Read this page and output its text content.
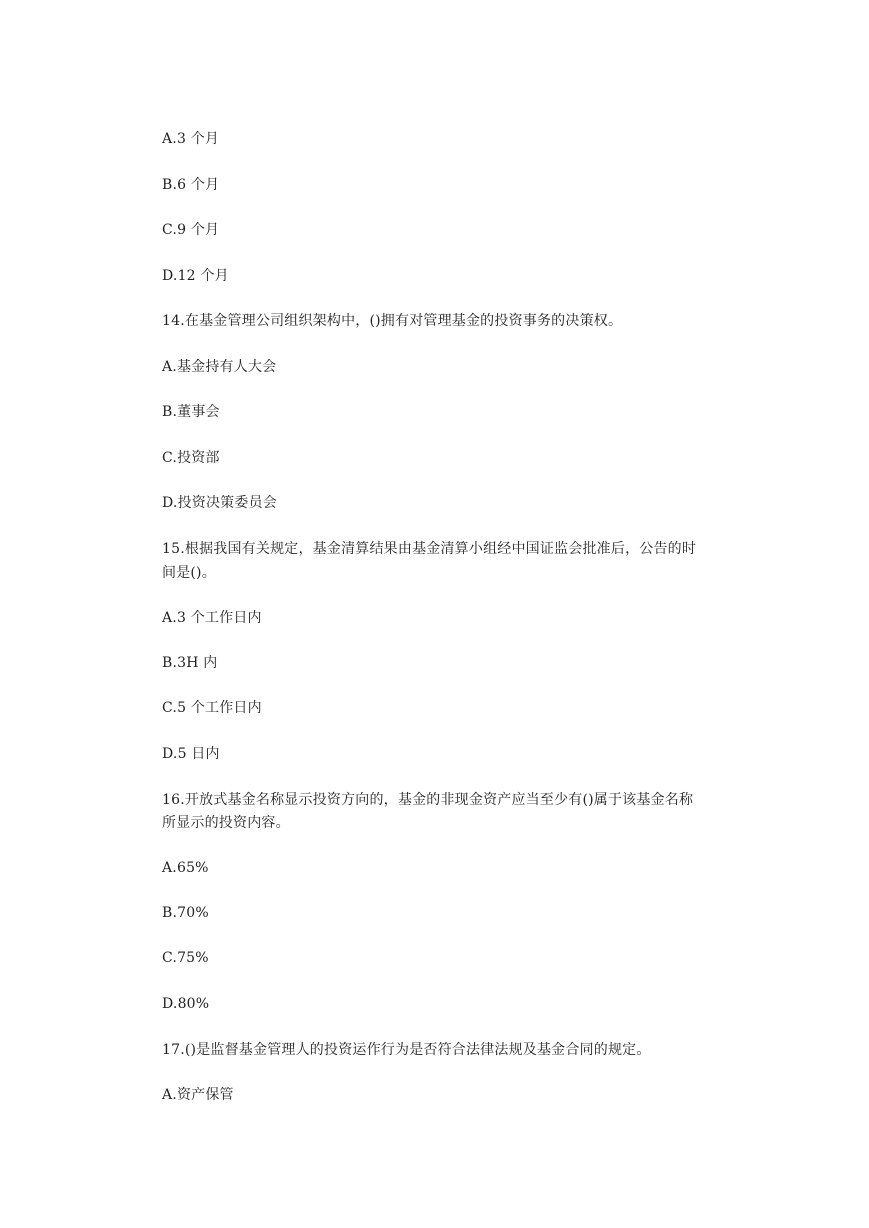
A.3 个月
B.6 个月
C.9 个月
D.12 个月
14.在基金管理公司组织架构中，()拥有对管理基金的投资事务的决策权。
A.基金持有人大会
B.董事会
C.投资部
D.投资决策委员会
15.根据我国有关规定，基金清算结果由基金清算小组经中国证监会批准后，公告的时
间是()。
A.3 个工作日内
B.3H 内
C.5 个工作日内
D.5 日内
16.开放式基金名称显示投资方向的，基金的非现金资产应当至少有()属于该基金名称
所显示的投资内容。
A.65%
B.70%
C.75%
D.80%
17.()是监督基金管理人的投资运作行为是否符合法律法规及基金合同的规定。
A.资产保管
